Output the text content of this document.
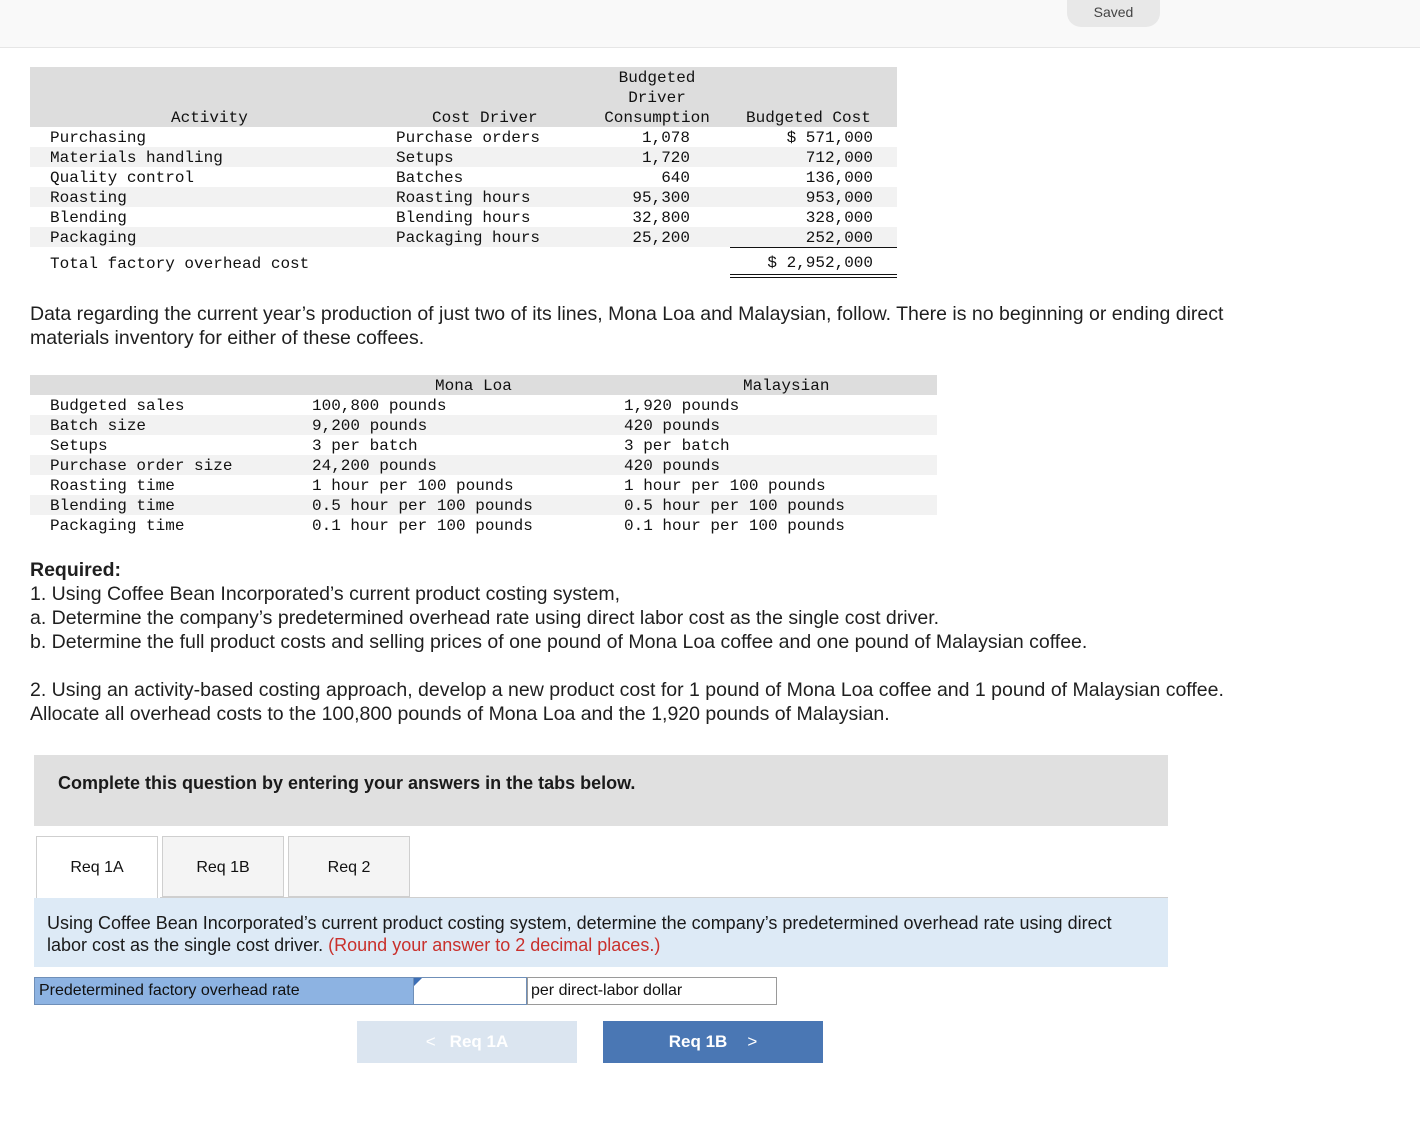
Saved
Activity	Cost Driver
Budgeted
Driver
Consumption	Budgeted Cost
Purchasing	Purchase orders	1,078	$ 571,000
Materials handling	Setups	1,720	712,000
Quality control	Batches	640	136,000
Roasting	Roasting hours	95,300	953,000
Blending	Blending hours	32,800	328,000
Packaging	Packaging hours	25,200	252,000
Total factory overhead cost	$ 2,952,000
Data regarding the current year’s production of just two of its lines, Mona Loa and Malaysian, follow. There is no beginning or ending direct materials inventory for either of these coffees.
Mona Loa	Malaysian
Budgeted sales	100,800 pounds	1,920 pounds
Batch size	9,200 pounds	420 pounds
Setups	3 per batch	3 per batch
Purchase order size	24,200 pounds	420 pounds
Roasting time	1 hour per 100 pounds	1 hour per 100 pounds
Blending time	0.5 hour per 100 pounds	0.5 hour per 100 pounds
Packaging time	0.1 hour per 100 pounds	0.1 hour per 100 pounds
Required:
1. Using Coffee Bean Incorporated’s current product costing system,
a. Determine the company’s predetermined overhead rate using direct labor cost as the single cost driver.
b. Determine the full product costs and selling prices of one pound of Mona Loa coffee and one pound of Malaysian coffee.
2. Using an activity-based costing approach, develop a new product cost for 1 pound of Mona Loa coffee and 1 pound of Malaysian coffee. Allocate all overhead costs to the 100,800 pounds of Mona Loa and the 1,920 pounds of Malaysian.
Complete this question by entering your answers in the tabs below.
Req 1A	Req 1B	Req 2
Using Coffee Bean Incorporated’s current product costing system, determine the company’s predetermined overhead rate using direct labor cost as the single cost driver. (Round your answer to 2 decimal places.)
Predetermined factory overhead rate	per direct-labor dollar
< Req 1A	Req 1B >
